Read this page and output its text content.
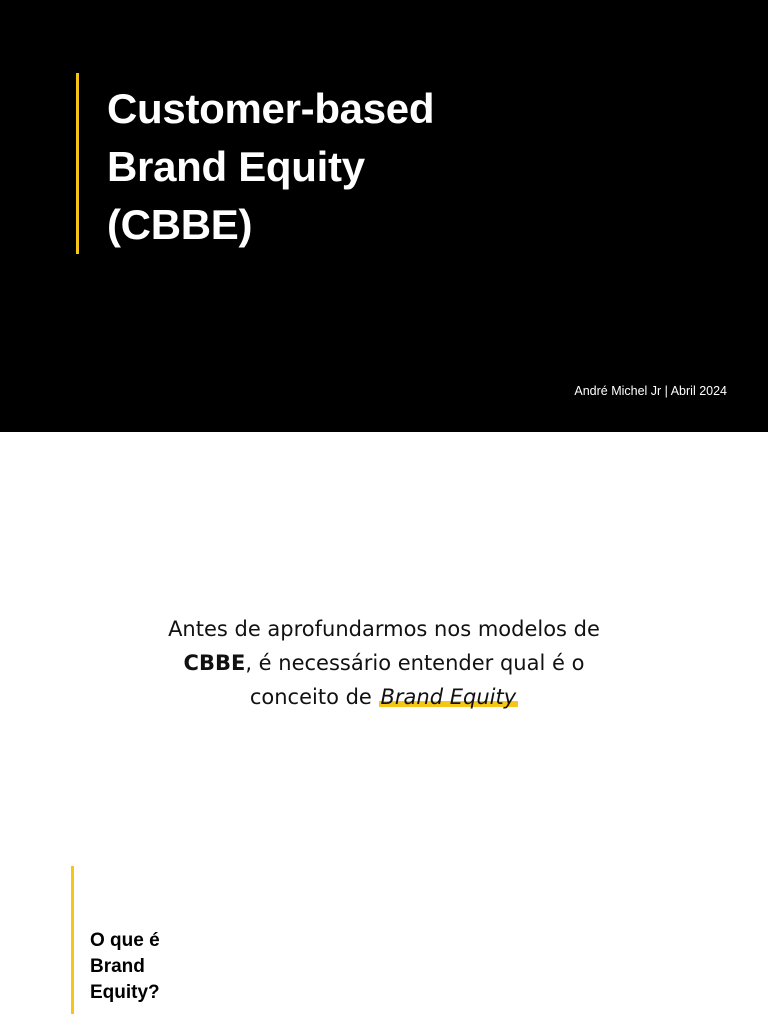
Customer-based
Brand Equity
(CBBE)
André Michel Jr | Abril 2024

Antes de aprofundarmos nos modelos de
CBBE, é necessário entender qual é o
conceito de Brand Equity

O que é
Brand
Equity?
